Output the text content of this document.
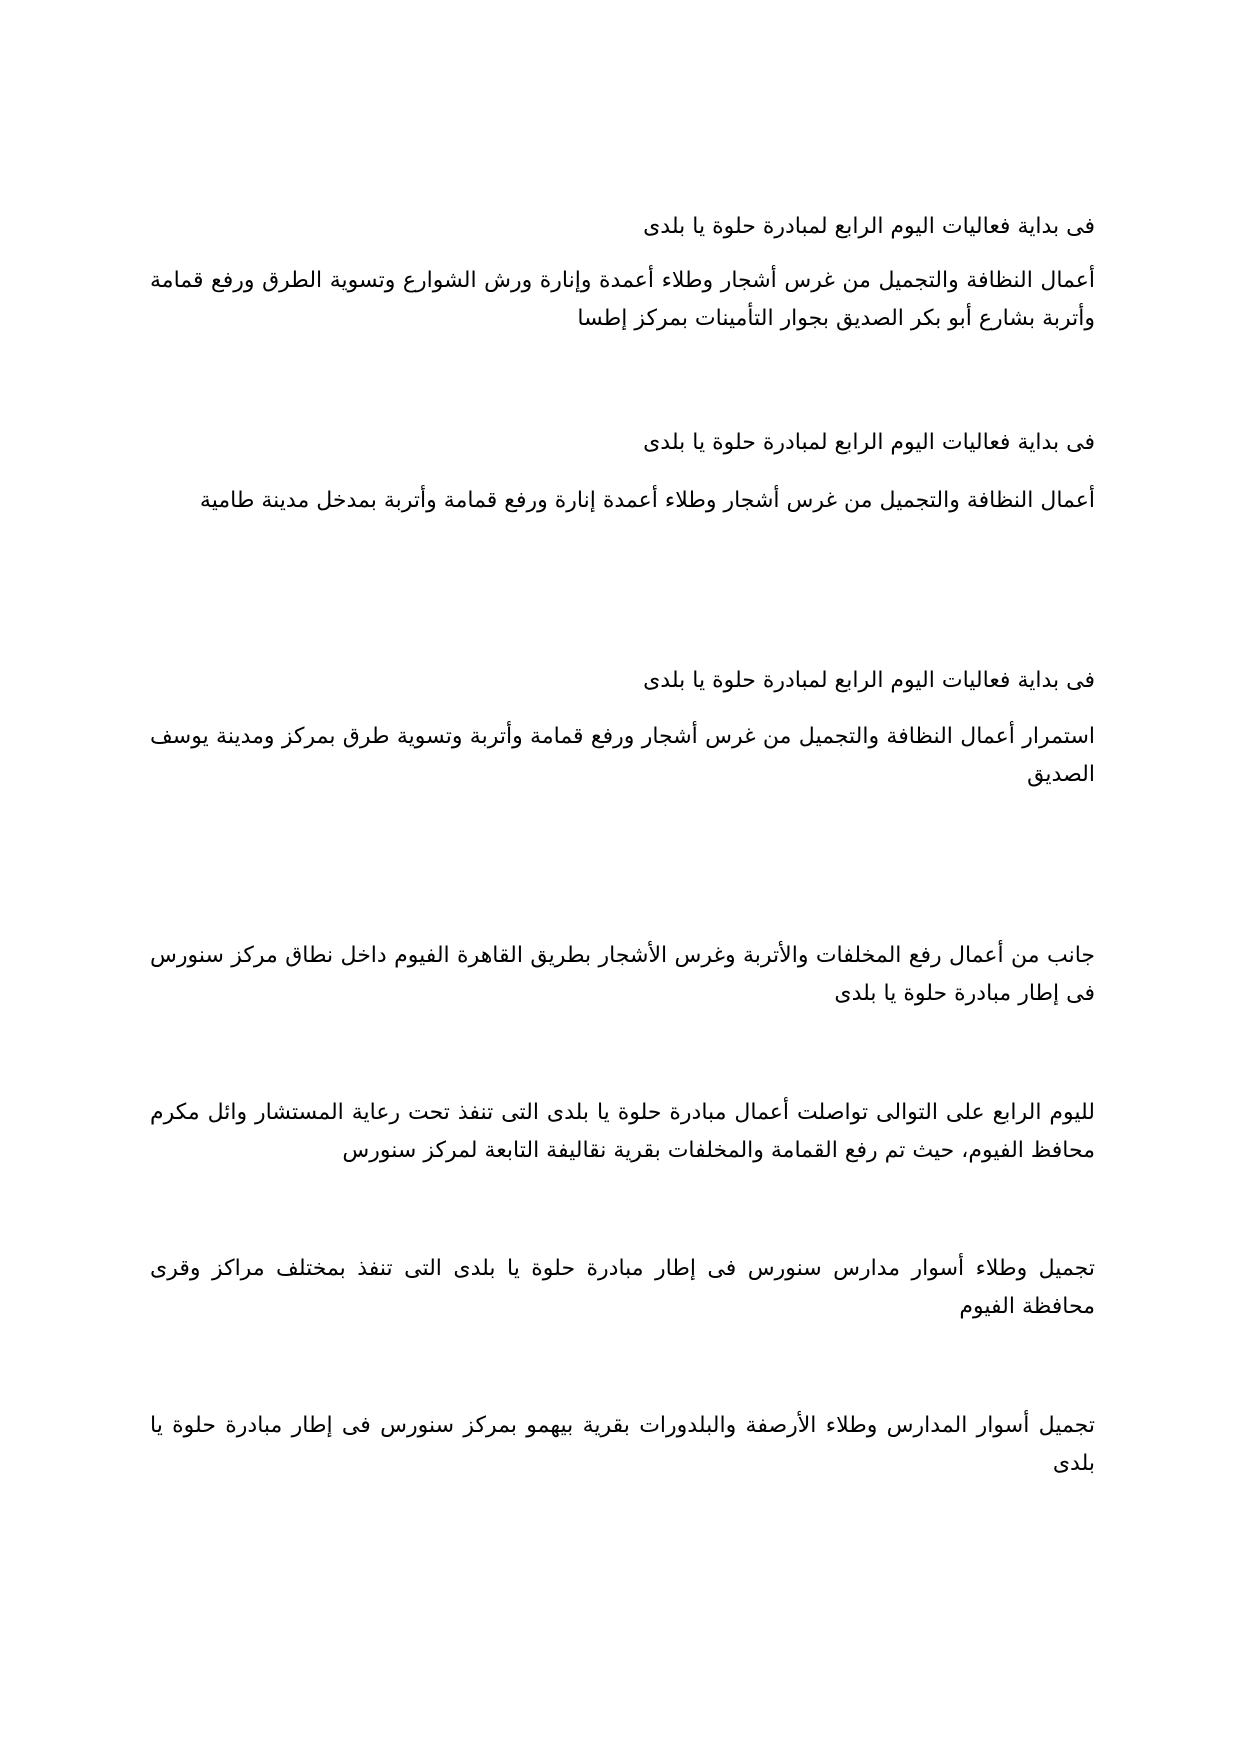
فى بداية فعاليات اليوم الرابع لمبادرة حلوة يا بلدى

أعمال النظافة والتجميل من غرس أشجار وطلاء أعمدة وإنارة ورش الشوارع وتسوية الطرق ورفع قمامة وأتربة بشارع أبو بكر الصديق بجوار التأمينات بمركز إطسا

فى بداية فعاليات اليوم الرابع لمبادرة حلوة يا بلدى

أعمال النظافة والتجميل من غرس أشجار وطلاء أعمدة إنارة ورفع قمامة وأتربة بمدخل مدينة طامية

فى بداية فعاليات اليوم الرابع لمبادرة حلوة يا بلدى

استمرار أعمال النظافة والتجميل من غرس أشجار ورفع قمامة وأتربة وتسوية طرق بمركز ومدينة يوسف الصديق

جانب من أعمال رفع المخلفات والأتربة وغرس الأشجار بطريق القاهرة الفيوم داخل نطاق مركز سنورس فى إطار مبادرة حلوة يا بلدى

لليوم الرابع على التوالى تواصلت أعمال مبادرة حلوة يا بلدى التى تنفذ تحت رعاية المستشار وائل مكرم محافظ الفيوم، حيث تم رفع القمامة والمخلفات بقرية نقاليفة التابعة لمركز سنورس

تجميل وطلاء أسوار مدارس سنورس فى إطار مبادرة حلوة يا بلدى التى تنفذ بمختلف مراكز وقرى محافظة الفيوم

تجميل أسوار المدارس وطلاء الأرصفة والبلدورات بقرية بيهمو بمركز سنورس فى إطار مبادرة حلوة يا بلدى
